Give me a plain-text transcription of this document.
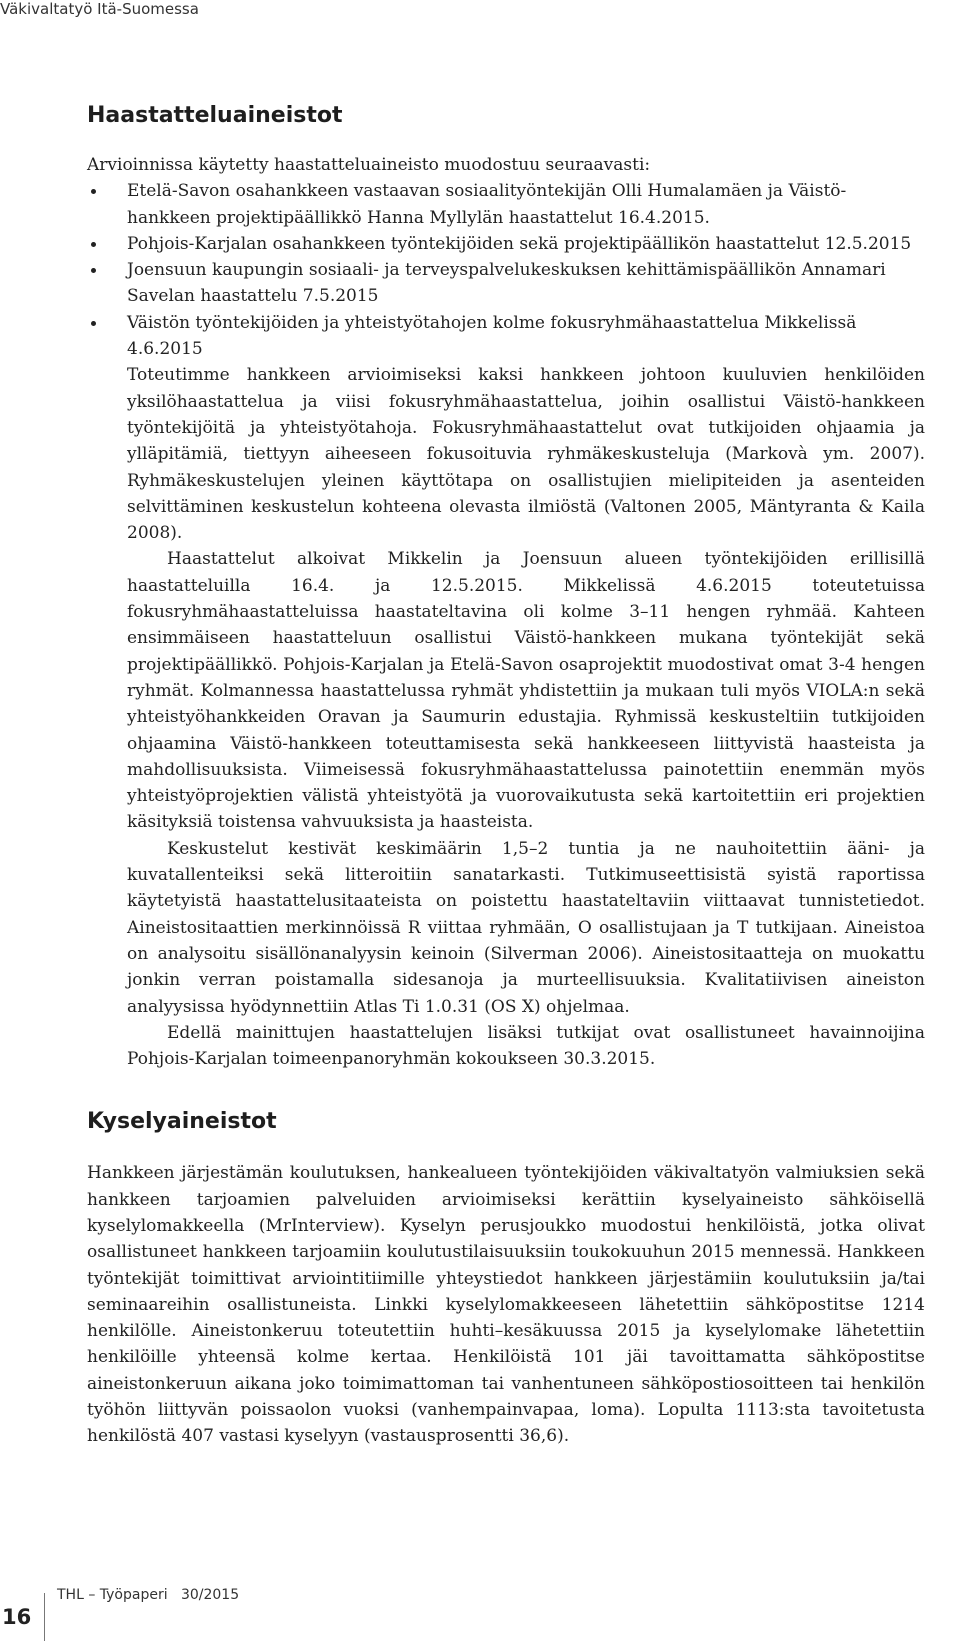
Väkivaltatyö Itä-Suomessa
Haastatteluaineistot

Arvioinnissa käytetty haastatteluaineisto muodostuu seuraavasti:

Etelä-Savon osahankkeen vastaavan sosiaalityöntekijän Olli Humalamäen ja Väistö-hankkeen projektipäällikkö Hanna Myllylän haastattelut 16.4.2015.
Pohjois-Karjalan osahankkeen työntekijöiden sekä projektipäällikön haastattelut 12.5.2015
Joensuun kaupungin sosiaali- ja terveyspalvelukeskuksen kehittämispäällikön Annamari Savelan haastattelu 7.5.2015
Väistön työntekijöiden ja yhteistyötahojen kolme fokusryhmähaastattelua Mikkelissä 4.6.2015

Toteutimme hankkeen arvioimiseksi kaksi hankkeen johtoon kuuluvien henkilöiden yksilöhaastattelua ja viisi fokusryhmähaastattelua, joihin osallistui Väistö-hankkeen työntekijöitä ja yhteistyötahoja. Fokusryhmähaastattelut ovat tutkijoiden ohjaamia ja ylläpitämiä, tiettyyn aiheeseen fokusoituvia ryhmäkeskusteluja (Markovà ym. 2007). Ryhmäkeskustelujen yleinen käyttötapa on osallistujien mielipiteiden ja asenteiden selvittäminen keskustelun kohteena olevasta ilmiöstä (Valtonen 2005, Mäntyranta & Kaila 2008).

Haastattelut alkoivat Mikkelin ja Joensuun alueen työntekijöiden erillisillä haastatteluilla 16.4. ja 12.5.2015. Mikkelissä 4.6.2015 toteutetuissa fokusryhmähaastatteluissa haastateltavina oli kolme 3–11 hengen ryhmää. Kahteen ensimmäiseen haastatteluun osallistui Väistö-hankkeen mukana työntekijät sekä projektipäällikkö. Pohjois-Karjalan ja Etelä-Savon osaprojektit muodostivat omat 3-4 hengen ryhmät. Kolmannessa haastattelussa ryhmät yhdistettiin ja mukaan tuli myös VIOLA:n sekä yhteistyöhankkeiden Oravan ja Saumurin edustajia. Ryhmissä keskusteltiin tutkijoiden ohjaamina Väistö-hankkeen toteuttamisesta sekä hankkeeseen liittyvistä haasteista ja mahdollisuuksista. Viimeisessä fokusryhmähaastattelussa painotettiin enemmän myös yhteistyöprojektien välistä yhteistyötä ja vuorovaikutusta sekä kartoitettiin eri projektien käsityksiä toistensa vahvuuksista ja haasteista.

Keskustelut kestivät keskimäärin 1,5–2 tuntia ja ne nauhoitettiin ääni- ja kuvatallenteiksi sekä litteroitiin sanatarkasti. Tutkimuseettisistä syistä raportissa käytetyistä haastattelusitaateista on poistettu haastateltaviin viittaavat tunnistetiedot. Aineistositaattien merkinnöissä R viittaa ryhmään, O osallistujaan ja T tutkijaan. Aineistoa on analysoitu sisällönanalyysin keinoin (Silverman 2006). Aineistositaatteja on muokattu jonkin verran poistamalla sidesanoja ja murteellisuuksia. Kvalitatiivisen aineiston analyysissa hyödynnettiin Atlas Ti 1.0.31 (OS X) ohjelmaa.

Edellä mainittujen haastattelujen lisäksi tutkijat ovat osallistuneet havainnoijina Pohjois-Karjalan toimeenpanoryhmän kokoukseen 30.3.2015.

Kyselyaineistot

Hankkeen järjestämän koulutuksen, hankealueen työntekijöiden väkivaltatyön valmiuksien sekä hankkeen tarjoamien palveluiden arvioimiseksi kerättiin kyselyaineisto sähköisellä kyselylomakkeella (MrInterview). Kyselyn perusjoukko muodostui henkilöistä, jotka olivat osallistuneet hankkeen tarjoamiin koulutustilaisuuksiin toukokuuhun 2015 mennessä. Hankkeen työntekijät toimittivat arviointitiimille yhteystiedot hankkeen järjestämiin koulutuksiin ja/tai seminaareihin osallistuneista. Linkki kyselylomakkeeseen lähetettiin sähköpostitse 1214 henkilölle. Aineistonkeruu toteutettiin huhti–kesäkuussa 2015 ja kyselylomake lähetettiin henkilöille yhteensä kolme kertaa. Henkilöistä 101 jäi tavoittamatta sähköpostitse aineistonkeruun aikana joko toimimattoman tai vanhentuneen sähköpostiosoitteen tai henkilön työhön liittyvän poissaolon vuoksi (vanhempainvapaa, loma). Lopulta 1113:sta tavoitetusta henkilöstä 407 vastasi kyselyyn (vastausprosentti 36,6).

16
THL – Työpaperi   30/2015
